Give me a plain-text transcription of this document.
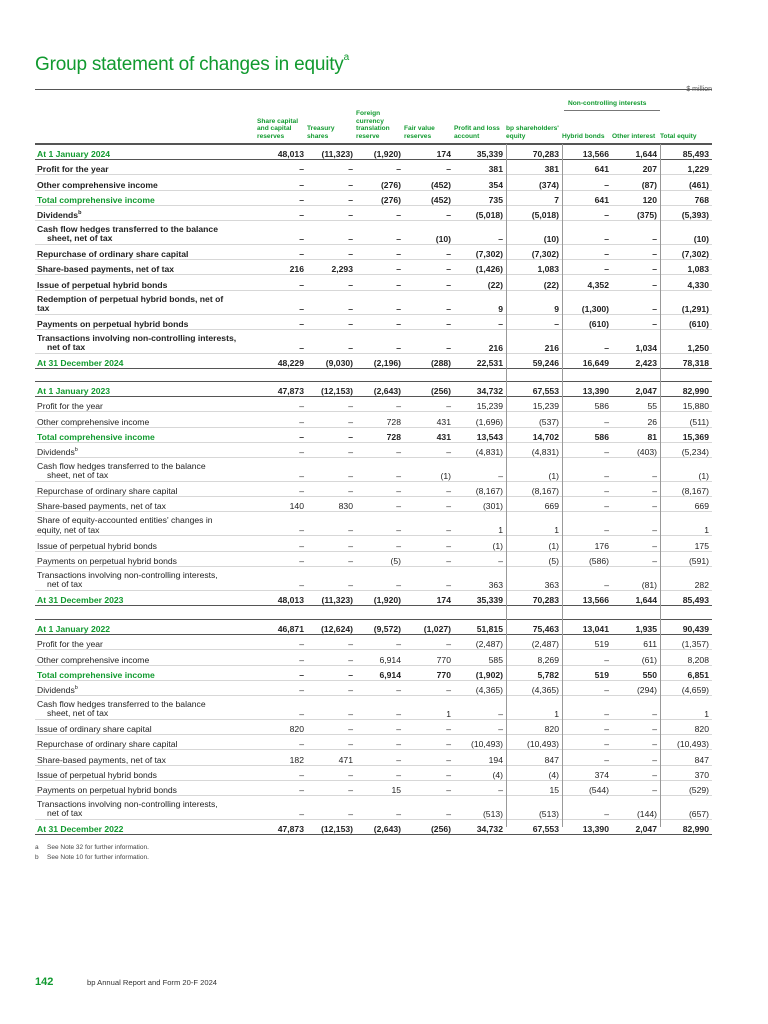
Group statement of changes in equity$^a$
$ million
Non-controlling interests
	Share capital and capital reserves	Treasury shares	Foreign currency translation reserve	Fair value reserves	Profit and loss account	bp shareholders' equity	Hybrid bonds	Other interest	Total equity
At 1 January 2024	48,013	(11,323)	(1,920)	174	35,339	70,283	13,566	1,644	85,493
Profit for the year	–	–	–	–	381	381	641	207	1,229
Other comprehensive income	–	–	(276)	(452)	354	(374)	–	(87)	(461)
Total comprehensive income	–	–	(276)	(452)	735	7	641	120	768
Dividends$^b$	–	–	–	–	(5,018)	(5,018)	–	(375)	(5,393)

Cash flow hedges transferred to the balance
sheet, net of tax	–	–	–	(10)	–	(10)	–	–	(10)
Repurchase of ordinary share capital	–	–	–	–	(7,302)	(7,302)	–	–	(7,302)
Share-based payments, net of tax	216	2,293	–	–	(1,426)	1,083	–	–	1,083
Issue of perpetual hybrid bonds	–	–	–	–	(22)	(22)	4,352	–	4,330

Redemption of perpetual hybrid bonds, net of
tax	–	–	–	–	9	9	(1,300)	–	(1,291)
Payments on perpetual hybrid bonds	–	–	–	–	–	–	(610)	–	(610)

Transactions involving non-controlling interests,
net of tax	–	–	–	–	216	216	–	1,034	1,250
At 31 December 2024	48,229	(9,030)	(2,196)	(288)	22,531	59,246	16,649	2,423	78,318
At 1 January 2023	47,873	(12,153)	(2,643)	(256)	34,732	67,553	13,390	2,047	82,990
Profit for the year	–	–	–	–	15,239	15,239	586	55	15,880
Other comprehensive income	–	–	728	431	(1,696)	(537)	–	26	(511)
Total comprehensive income	–	–	728	431	13,543	14,702	586	81	15,369
Dividends$^b$	–	–	–	–	(4,831)	(4,831)	–	(403)	(5,234)

Cash flow hedges transferred to the balance
sheet, net of tax	–	–	–	(1)	–	(1)	–	–	(1)
Repurchase of ordinary share capital	–	–	–	–	(8,167)	(8,167)	–	–	(8,167)
Share-based payments, net of tax	140	830	–	–	(301)	669	–	–	669

Share of equity-accounted entities' changes in
equity, net of tax	–	–	–	–	1	1	–	–	1
Issue of perpetual hybrid bonds	–	–	–	–	(1)	(1)	176	–	175
Payments on perpetual hybrid bonds	–	–	(5)	–	–	(5)	(586)	–	(591)

Transactions involving non-controlling interests,
net of tax	–	–	–	–	363	363	–	(81)	282
At 31 December 2023	48,013	(11,323)	(1,920)	174	35,339	70,283	13,566	1,644	85,493
At 1 January 2022	46,871	(12,624)	(9,572)	(1,027)	51,815	75,463	13,041	1,935	90,439
Profit for the year	–	–	–	–	(2,487)	(2,487)	519	611	(1,357)
Other comprehensive income	–	–	6,914	770	585	8,269	–	(61)	8,208
Total comprehensive income	–	–	6,914	770	(1,902)	5,782	519	550	6,851
Dividends$^b$	–	–	–	–	(4,365)	(4,365)	–	(294)	(4,659)

Cash flow hedges transferred to the balance
sheet, net of tax	–	–	–	1	–	1	–	–	1
Issue of ordinary share capital	820	–	–	–	–	820	–	–	820
Repurchase of ordinary share capital	–	–	–	–	(10,493)	(10,493)	–	–	(10,493)
Share-based payments, net of tax	182	471	–	–	194	847	–	–	847
Issue of perpetual hybrid bonds	–	–	–	–	(4)	(4)	374	–	370
Payments on perpetual hybrid bonds	–	–	15	–	–	15	(544)	–	(529)

Transactions involving non-controlling interests,
net of tax	–	–	–	–	(513)	(513)	–	(144)	(657)
At 31 December 2022	47,873	(12,153)	(2,643)	(256)	34,732	67,553	13,390	2,047	82,990
a See Note 32 for further information.
b See Note 10 for further information.
142	bp Annual Report and Form 20-F 2024
